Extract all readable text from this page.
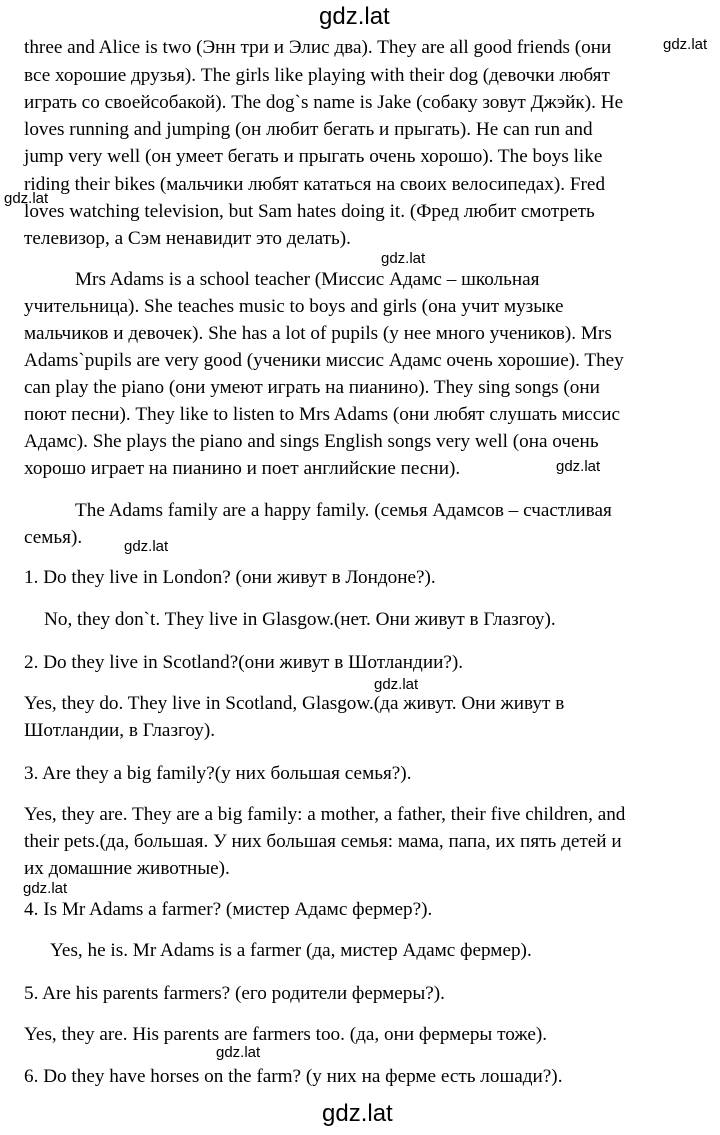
gdz.lat
gdz.lat
gdz.lat
gdz.lat
gdz.lat
gdz.lat
gdz.lat
gdz.lat
gdz.lat
gdz.lat
three and Alice is two (Энн три и Элис два). They are all good friends (они
все хорошие друзья). The girls like playing with their dog (девочки любят
играть со своейсобакой). The dog`s name is Jake (собаку зовут Джэйк). He
loves running and jumping (он любит бегать и прыгать). He can run and
jump very well (он умеет бегать и прыгать очень хорошо). The boys like
riding their bikes (мальчики любят кататься на своих велосипедах). Fred
loves watching television, but Sam hates doing it. (Фред любит смотреть
телевизор, а Сэм ненавидит это делать).
Mrs Adams is a school teacher (Миссис Адамс – школьная
учительница). She teaches music to boys and girls (она учит музыке
мальчиков и девочек). She has a lot of pupils (у нее много учеников). Mrs
Adams`pupils are very good (ученики миссис Адамс очень хорошие). They
can play the piano (они умеют играть на пианино). They sing songs (они
поют песни). They like to listen to Mrs Adams (они любят слушать миссис
Адамс). She plays the piano and sings English songs very well (она очень
хорошо играет на пианино и поет английские песни).
The Adams family are a happy family. (семья Адамсов – счастливая
семья).
1. Do they live in London? (они живут в Лондоне?).
No, they don`t. They live in Glasgow.(нет. Они живут в Глазгоу).
2. Do they live in Scotland?(они живут в Шотландии?).
Yes, they do. They live in Scotland, Glasgow.(да живут. Они живут в
Шотландии, в Глазгоу).
3. Are they a big family?(у них большая семья?).
Yes, they are. They are a big family: a mother, a father, their five children, and
their pets.(да, большая. У них большая семья: мама, папа, их пять детей и
их домашние животные).
4. Is Mr Adams a farmer? (мистер Адамс фермер?).
Yes, he is. Mr Adams is a farmer (да, мистер Адамс фермер).
5. Are his parents farmers? (его родители фермеры?).
Yes, they are. His parents are farmers too. (да, они фермеры тоже).
6. Do they have horses on the farm? (у них на ферме есть лошади?).
